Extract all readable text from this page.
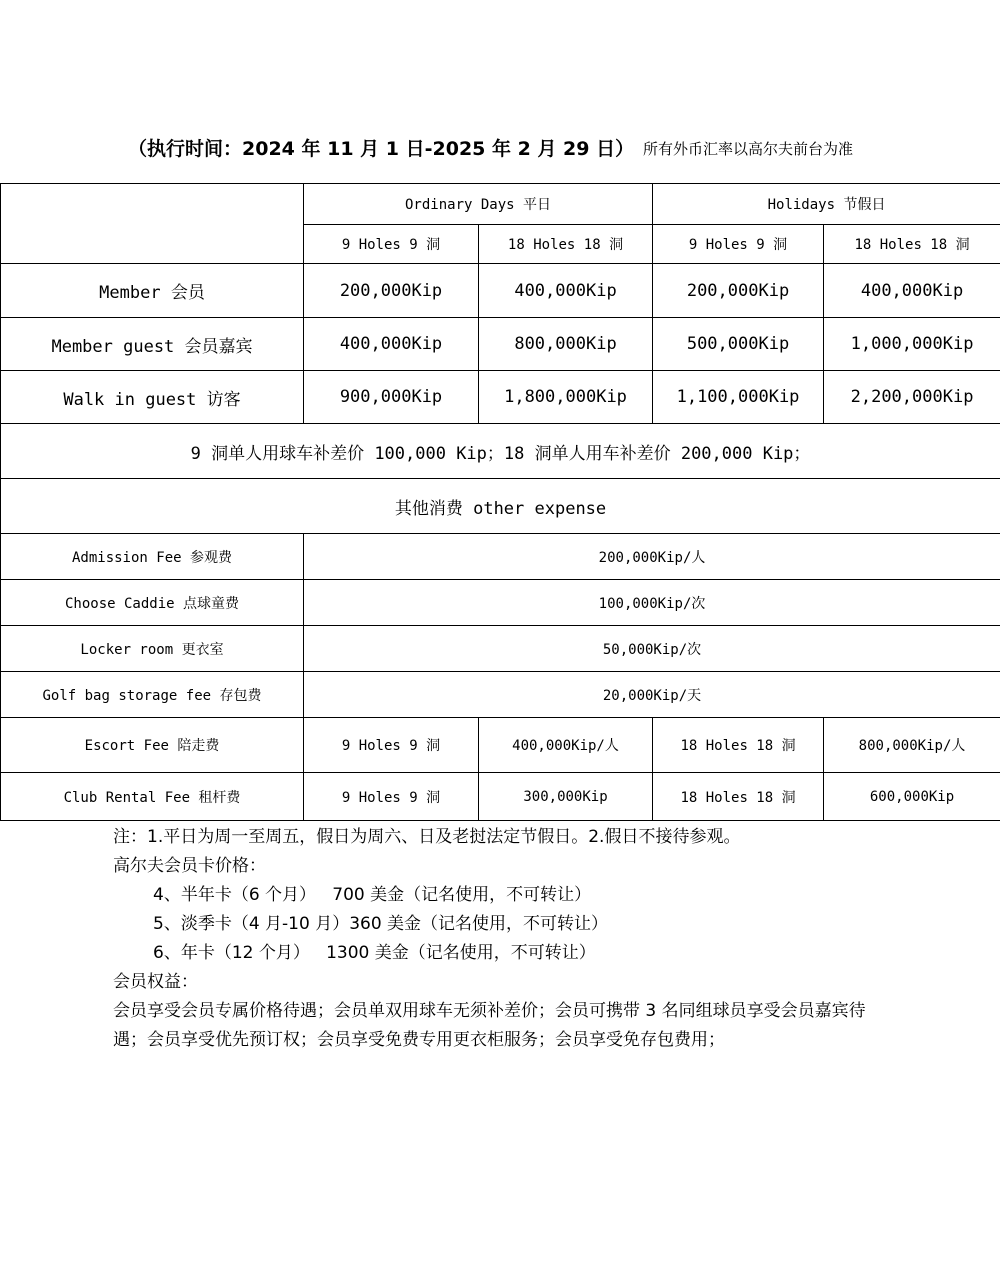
（执行时间：2024 年 11 月 1 日-2025 年 2 月 29 日） 所有外币汇率以高尔夫前台为准
	Ordinary Days 平日		Holidays 节假日	
	9 Holes 9 洞	18 Holes 18 洞	9 Holes 9 洞	18 Holes 18 洞
Member 会员	200,000Kip	400,000Kip	200,000Kip	400,000Kip
Member guest 会员嘉宾	400,000Kip	800,000Kip	500,000Kip	1,000,000Kip
Walk in guest 访客	900,000Kip	1,800,000Kip	1,100,000Kip	2,200,000Kip
9 洞单人用球车补差价 100,000 Kip；18 洞单人用车补差价 200,000 Kip；				
其他消费 other expense				
Admission Fee 参观费	200,000Kip/人			
Choose Caddie 点球童费	100,000Kip/次			
Locker room 更衣室	50,000Kip/次			
Golf bag storage fee 存包费	20,000Kip/天			
Escort Fee 陪走费	9 Holes 9 洞	400,000Kip/人	18 Holes 18 洞	800,000Kip/人
Club Rental Fee 租杆费	9 Holes 9 洞	300,000Kip	18 Holes 18 洞	600,000Kip
注：1.平日为周一至周五，假日为周六、日及老挝法定节假日。2.假日不接待参观。
高尔夫会员卡价格：
4、半年卡（6 个月）   700 美金（记名使用，不可转让）
5、淡季卡（4 月-10 月）360 美金（记名使用，不可转让）
6、年卡（12 个月）   1300 美金（记名使用，不可转让）
会员权益：
会员享受会员专属价格待遇；会员单双用球车无须补差价；会员可携带 3 名同组球员享受会员嘉宾待遇；会员享受优先预订权；会员享受免费专用更衣柜服务；会员享受免存包费用；
